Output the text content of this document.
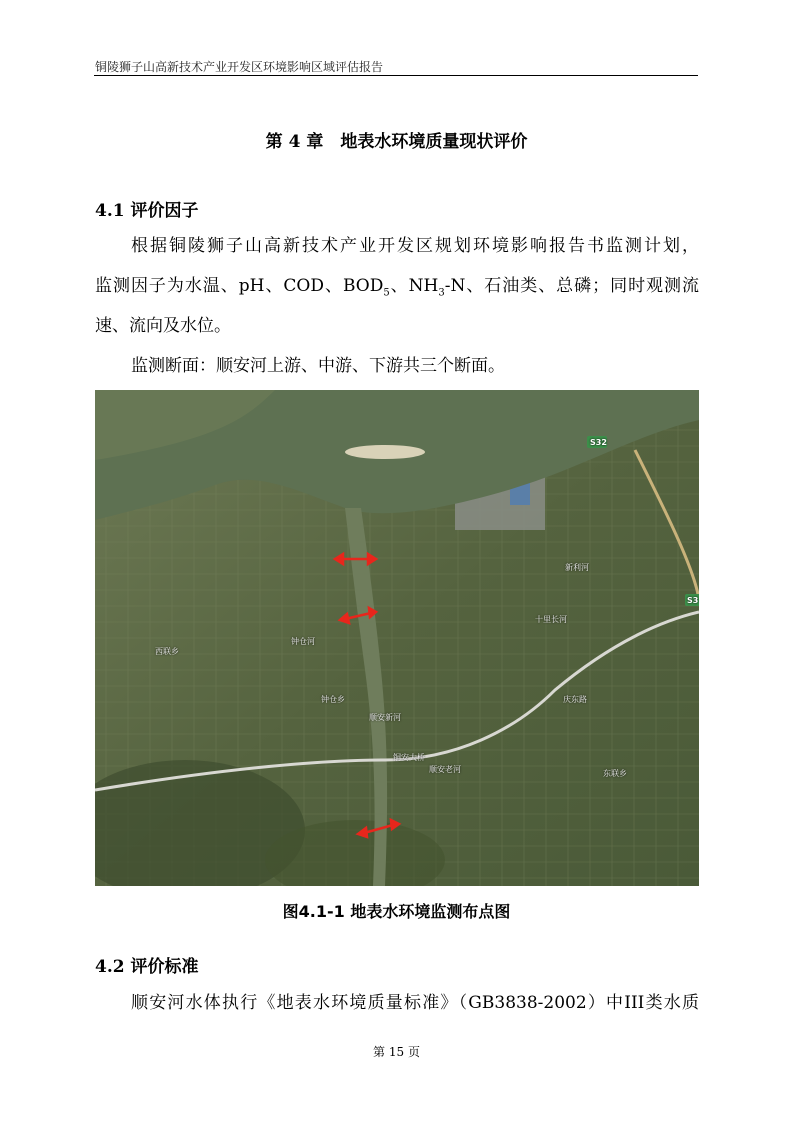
铜陵狮子山高新技术产业开发区环境影响区域评估报告
第 4 章　地表水环境质量现状评价
4.1 评价因子
根据铜陵狮子山高新技术产业开发区规划环境影响报告书监测计划，
监测因子为水温、pH、COD、$BOD_5$、$NH_3-N$、石油类、总磷；同时观测流
速、流向及水位。
监测断面：顺安河上游、中游、下游共三个断面。
S32
S3
西联乡
钟仓乡
顺安新河
顺安老河	东联乡
十里长河
新利河
庆东路
铜安大桥
钟仓河
图4.1-1 地表水环境监测布点图
4.2 评价标准
顺安河水体执行《地表水环境质量标准》（GB3838-2002）中III类水质
第 15 页
